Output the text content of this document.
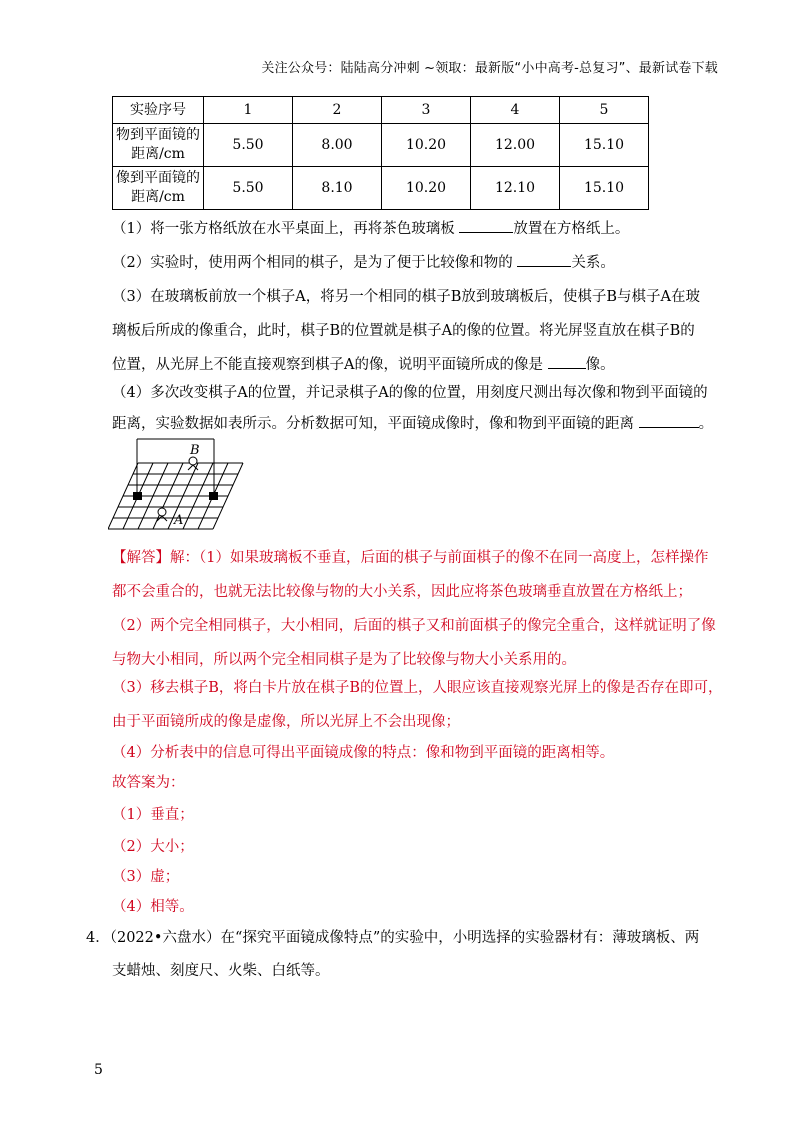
关注公众号：陆陆高分冲刺 ~领取：最新版“小中高考-总复习”、最新试卷下载
实验序号	1	2	3	4	5
物到平面镜的
距离/cm	5.50	8.00	10.20	12.00	15.10
像到平面镜的
距离/cm	5.50	8.10	10.20	12.10	15.10
（1）将一张方格纸放在水平桌面上，再将茶色玻璃板	放置在方格纸上。
（2）实验时，使用两个相同的棋子，是为了便于比较像和物的	关系。
（3）在玻璃板前放一个棋子A，将另一个相同的棋子B放到玻璃板后，使棋子B与棋子A在玻
璃板后所成的像重合，此时，棋子B的位置就是棋子A的像的位置。将光屏竖直放在棋子B的
位置，从光屏上不能直接观察到棋子A的像，说明平面镜所成的像是	像。
（4）多次改变棋子A的位置，并记录棋子A的像的位置，用刻度尺测出每次像和物到平面镜的
距离，实验数据如表所示。分析数据可知，平面镜成像时，像和物到平面镜的距离	。
B
A
【解答】解：（1）如果玻璃板不垂直，后面的棋子与前面棋子的像不在同一高度上，怎样操作
都不会重合的，也就无法比较像与物的大小关系，因此应将茶色玻璃垂直放置在方格纸上；
（2）两个完全相同棋子，大小相同，后面的棋子又和前面棋子的像完全重合，这样就证明了像
与物大小相同，所以两个完全相同棋子是为了比较像与物大小关系用的。
（3）移去棋子B，将白卡片放在棋子B的位置上，人眼应该直接观察光屏上的像是否存在即可，
由于平面镜所成的像是虚像，所以光屏上不会出现像；
（4）分析表中的信息可得出平面镜成像的特点：像和物到平面镜的距离相等。
故答案为：
（1）垂直；
（2）大小；
（3）虚；
（4）相等。
4．（2022•六盘水）在“探究平面镜成像特点”的实验中，小明选择的实验器材有：薄玻璃板、两
支蜡烛、刻度尺、火柴、白纸等。
5
